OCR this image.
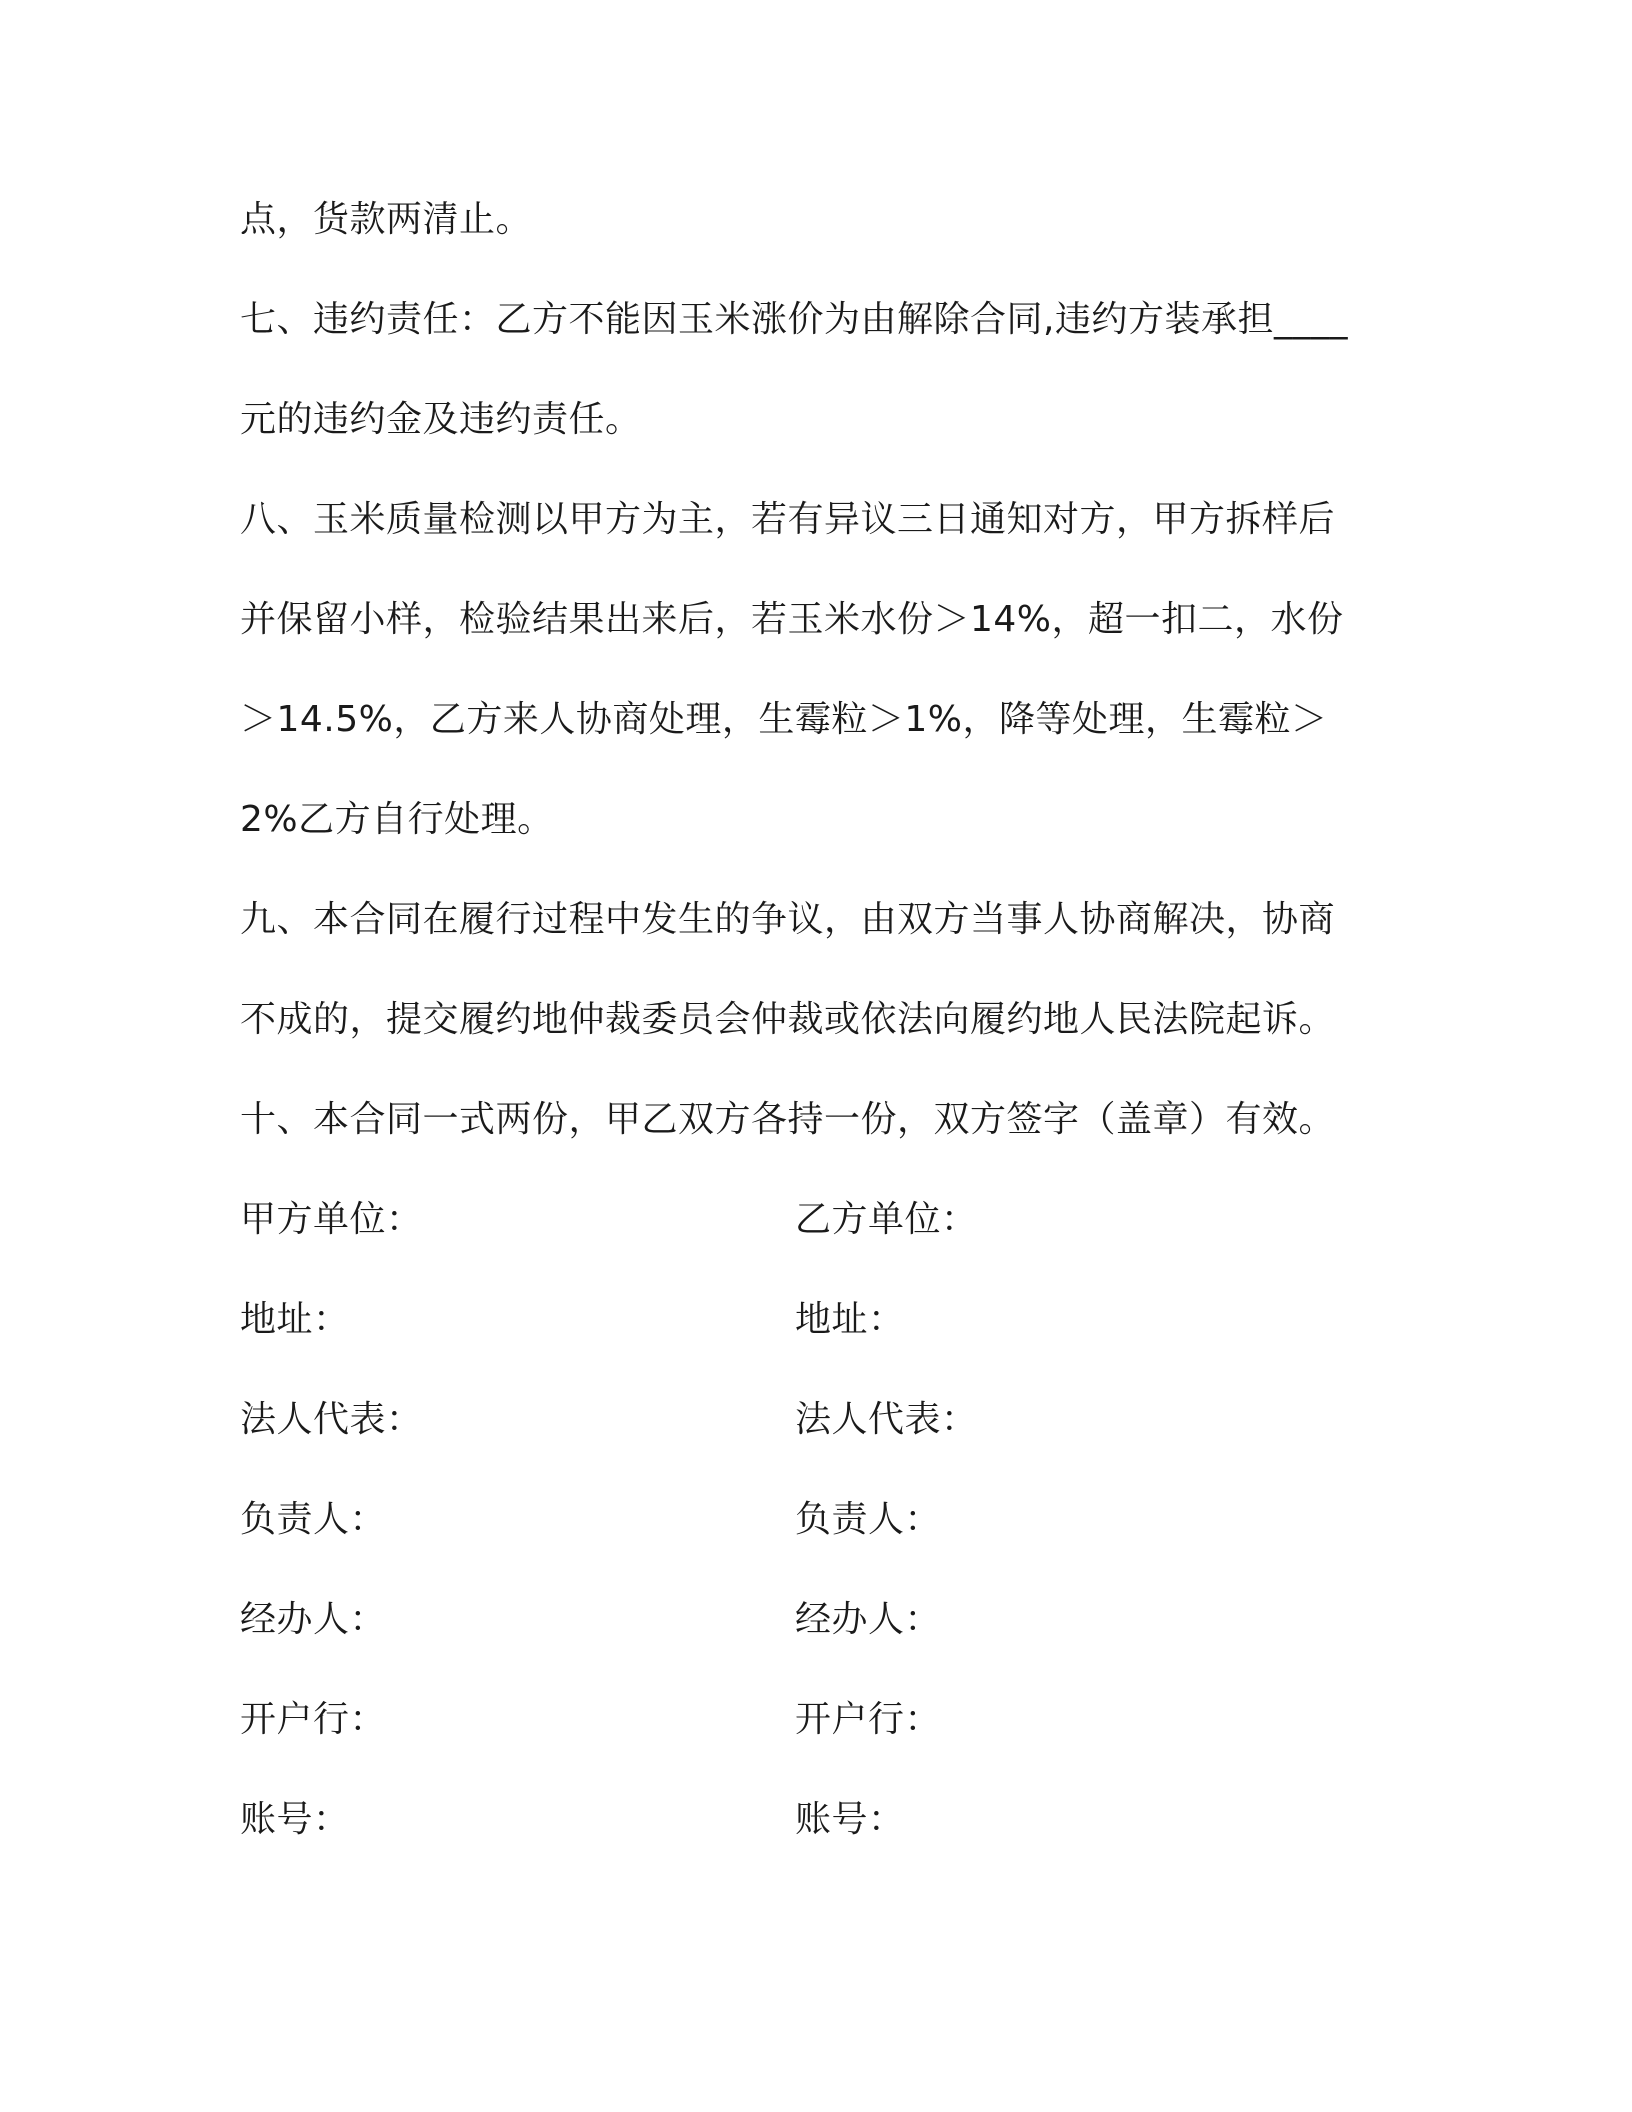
点，货款两清止。
七、违约责任：乙方不能因玉米涨价为由解除合同,违约方装承担____
元的违约金及违约责任。
八、玉米质量检测以甲方为主，若有异议三日通知对方，甲方拆样后
并保留小样，检验结果出来后，若玉米水份＞14%，超一扣二，水份
＞14.5%，乙方来人协商处理，生霉粒＞1%，降等处理，生霉粒＞
2%乙方自行处理。
九、本合同在履行过程中发生的争议，由双方当事人协商解决，协商
不成的，提交履约地仲裁委员会仲裁或依法向履约地人民法院起诉。
十、本合同一式两份，甲乙双方各持一份，双方签字（盖章）有效。
甲方单位：
地址：
法人代表：
负责人：
经办人：
开户行：
账号：
乙方单位：
地址：
法人代表：
负责人：
经办人：
开户行：
账号：
